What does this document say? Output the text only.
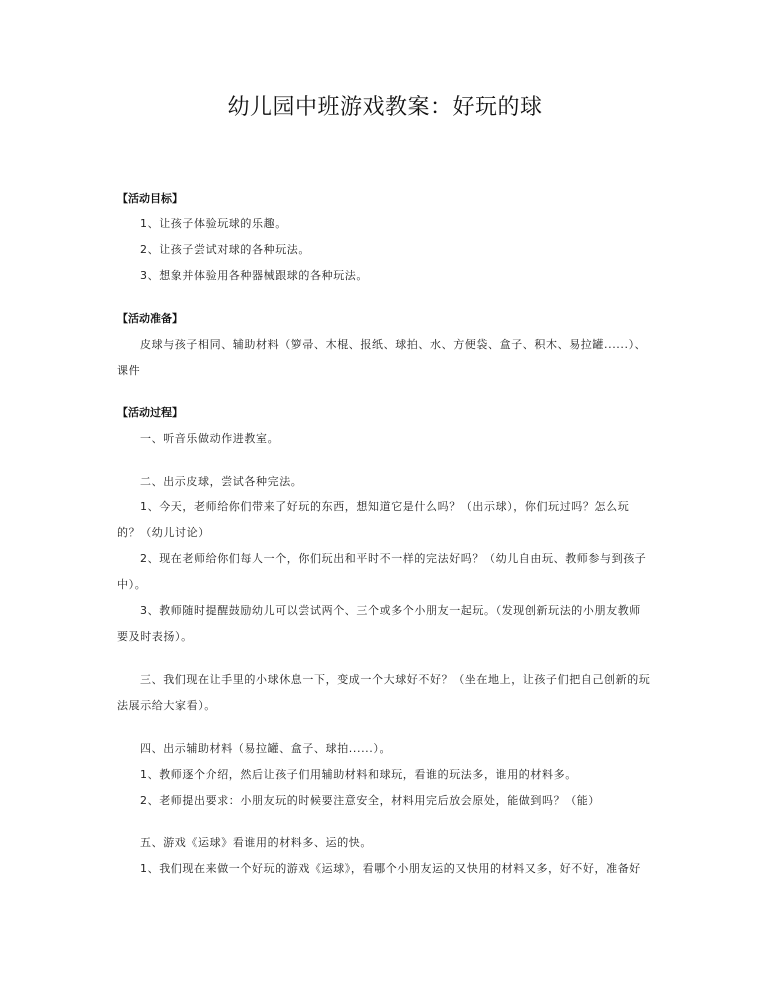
幼儿园中班游戏教案：好玩的球
【活动目标】
1、让孩子体验玩球的乐趣。
2、让孩子尝试对球的各种玩法。
3、想象并体验用各种器械跟球的各种玩法。
【活动准备】
皮球与孩子相同、辅助材料（箩帚、木棍、报纸、球拍、水、方便袋、盒子、积木、易拉罐......）、
课件
【活动过程】
一、听音乐做动作进教室。
二、出示皮球，尝试各种完法。
1、今天，老师给你们带来了好玩的东西，想知道它是什么吗？（出示球），你们玩过吗？怎么玩
的？（幼儿讨论）
2、现在老师给你们每人一个，你们玩出和平时不一样的完法好吗？（幼儿自由玩、教师参与到孩子
中）。
3、教师随时提醒鼓励幼儿可以尝试两个、三个或多个小朋友一起玩。（发现创新玩法的小朋友教师
要及时表扬）。
三、我们现在让手里的小球休息一下，变成一个大球好不好？（坐在地上，让孩子们把自己创新的玩
法展示给大家看）。
四、出示辅助材料（易拉罐、盒子、球拍......）。
1、教师逐个介绍，然后让孩子们用辅助材料和球玩，看谁的玩法多，谁用的材料多。
2、老师提出要求：小朋友玩的时候要注意安全，材料用完后放会原处，能做到吗？（能）
五、游戏《运球》看谁用的材料多、运的快。
1、我们现在来做一个好玩的游戏《运球》，看哪个小朋友运的又快用的材料又多，好不好，准备好
